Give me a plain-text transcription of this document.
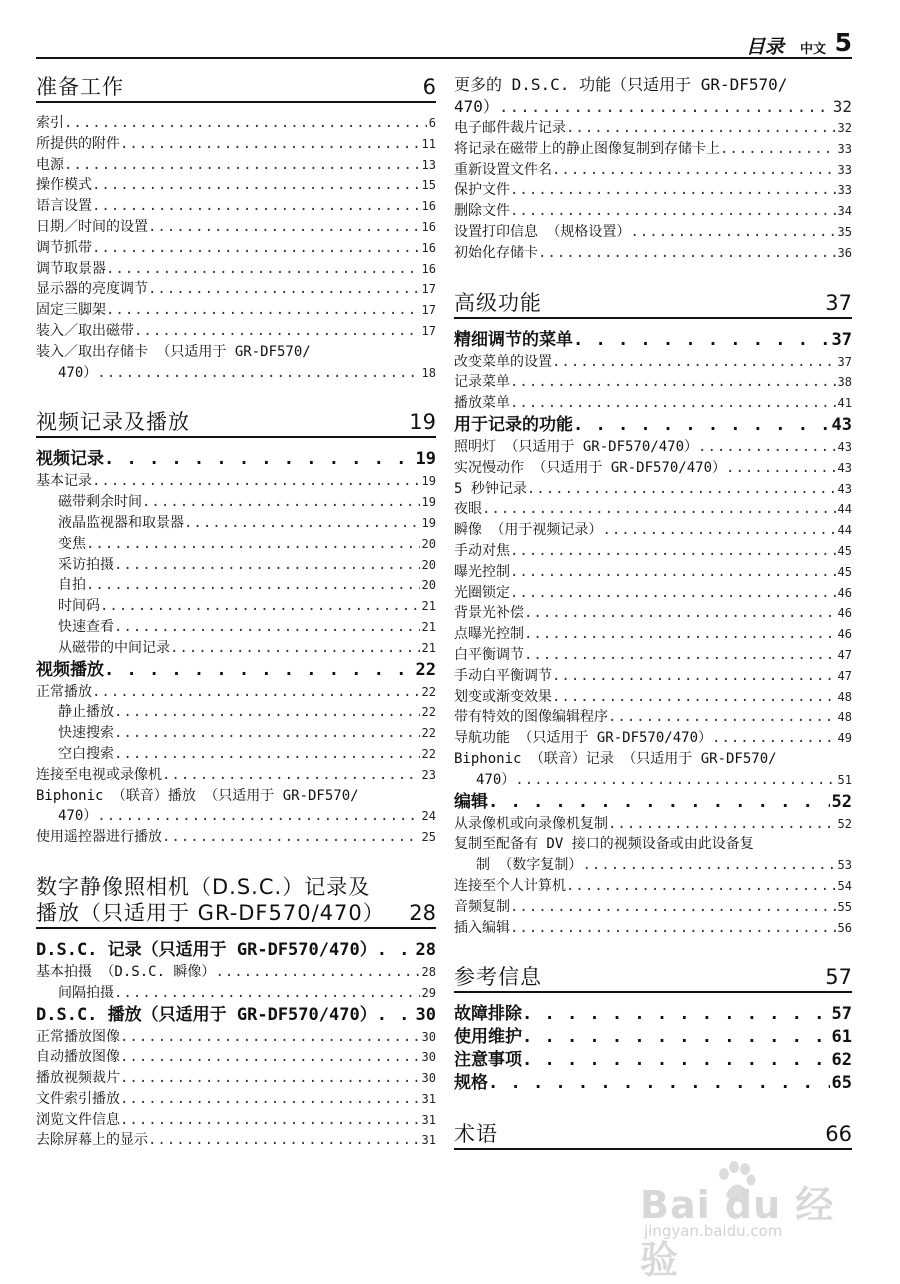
目录 中文 5
准备工作	6
索引 .....	6
所提供的附件 .....	11
电源 .....	13
操作模式 .....	15
语言设置 .....	16
日期／时间的设置 .....	16
调节抓带 .....	16
调节取景器 .....	16
显示器的亮度调节 .....	17
固定三脚架 .....	17
装入／取出磁带 .....	17
装入／取出存储卡 （只适用于 GR-DF570/
470） .....	18
视频记录及播放	19
视频记录 . . .	19
基本记录 .....	19
磁带剩余时间 .....	19
液晶监视器和取景器 .....	19
变焦 .....	20
采访拍摄 .....	20
自拍 .....	20
时间码 .....	21
快速查看 .....	21
从磁带的中间记录 .....	21
视频播放 . . .	22
正常播放 .....	22
静止播放 .....	22
快速搜索 .....	22
空白搜索 .....	22
连接至电视或录像机 .....	23
Biphonic （联音）播放 （只适用于 GR-DF570/
470） .....	24
使用遥控器进行播放 .....	25
数字静像照相机（D.S.C.）记录及
播放（只适用于 GR-DF570/470）	28
D.S.C. 记录（只适用于 GR-DF570/470） . . . 28
基本拍摄 （D.S.C. 瞬像） .....	28
间隔拍摄 .....	29
D.S.C. 播放（只适用于 GR-DF570/470） . . . 30
正常播放图像 .....	30
自动播放图像 .....	30
播放视频裁片 .....	30
文件索引播放 .....	31
浏览文件信息 .....	31
去除屏幕上的显示 .....	31
更多的 D.S.C. 功能（只适用于 GR-DF570/
470） .....	32
电子邮件裁片记录 .....	32
将记录在磁带上的静止图像复制到存储卡上 .....	33
重新设置文件名 .....	33
保护文件 .....	33
删除文件 .....	34
设置打印信息 （规格设置） .....	35
初始化存储卡 .....	36
高级功能	37
精细调节的菜单 . . .	37
改变菜单的设置 .....	37
记录菜单 .....	38
播放菜单 .....	41
用于记录的功能 . . .	43
照明灯 （只适用于 GR-DF570/470） .....	43
实况慢动作 （只适用于 GR-DF570/470） .....	43
5 秒钟记录 .....	43
夜眼 .....	44
瞬像 （用于视频记录） .....	44
手动对焦 .....	45
曝光控制 .....	45
光圈锁定 .....	46
背景光补偿 .....	46
点曝光控制 .....	46
白平衡调节 .....	47
手动白平衡调节 .....	47
划变或渐变效果 .....	48
带有特效的图像编辑程序 .....	48
导航功能 （只适用于 GR-DF570/470） .....	49
Biphonic （联音）记录 （只适用于 GR-DF570/
470） .....	51
编辑 . . .	52
从录像机或向录像机复制 .....	52
复制至配备有 DV 接口的视频设备或由此设备复
制 （数字复制） .....	53
连接至个人计算机 .....	54
音频复制 .....	55
插入编辑 .....	56
参考信息	57
故障排除 . . .	57
使用维护 . . .	61
注意事项 . . .	62
规格 . . .	65
术语	66
Bai du 经验
jingyan.baidu.com
